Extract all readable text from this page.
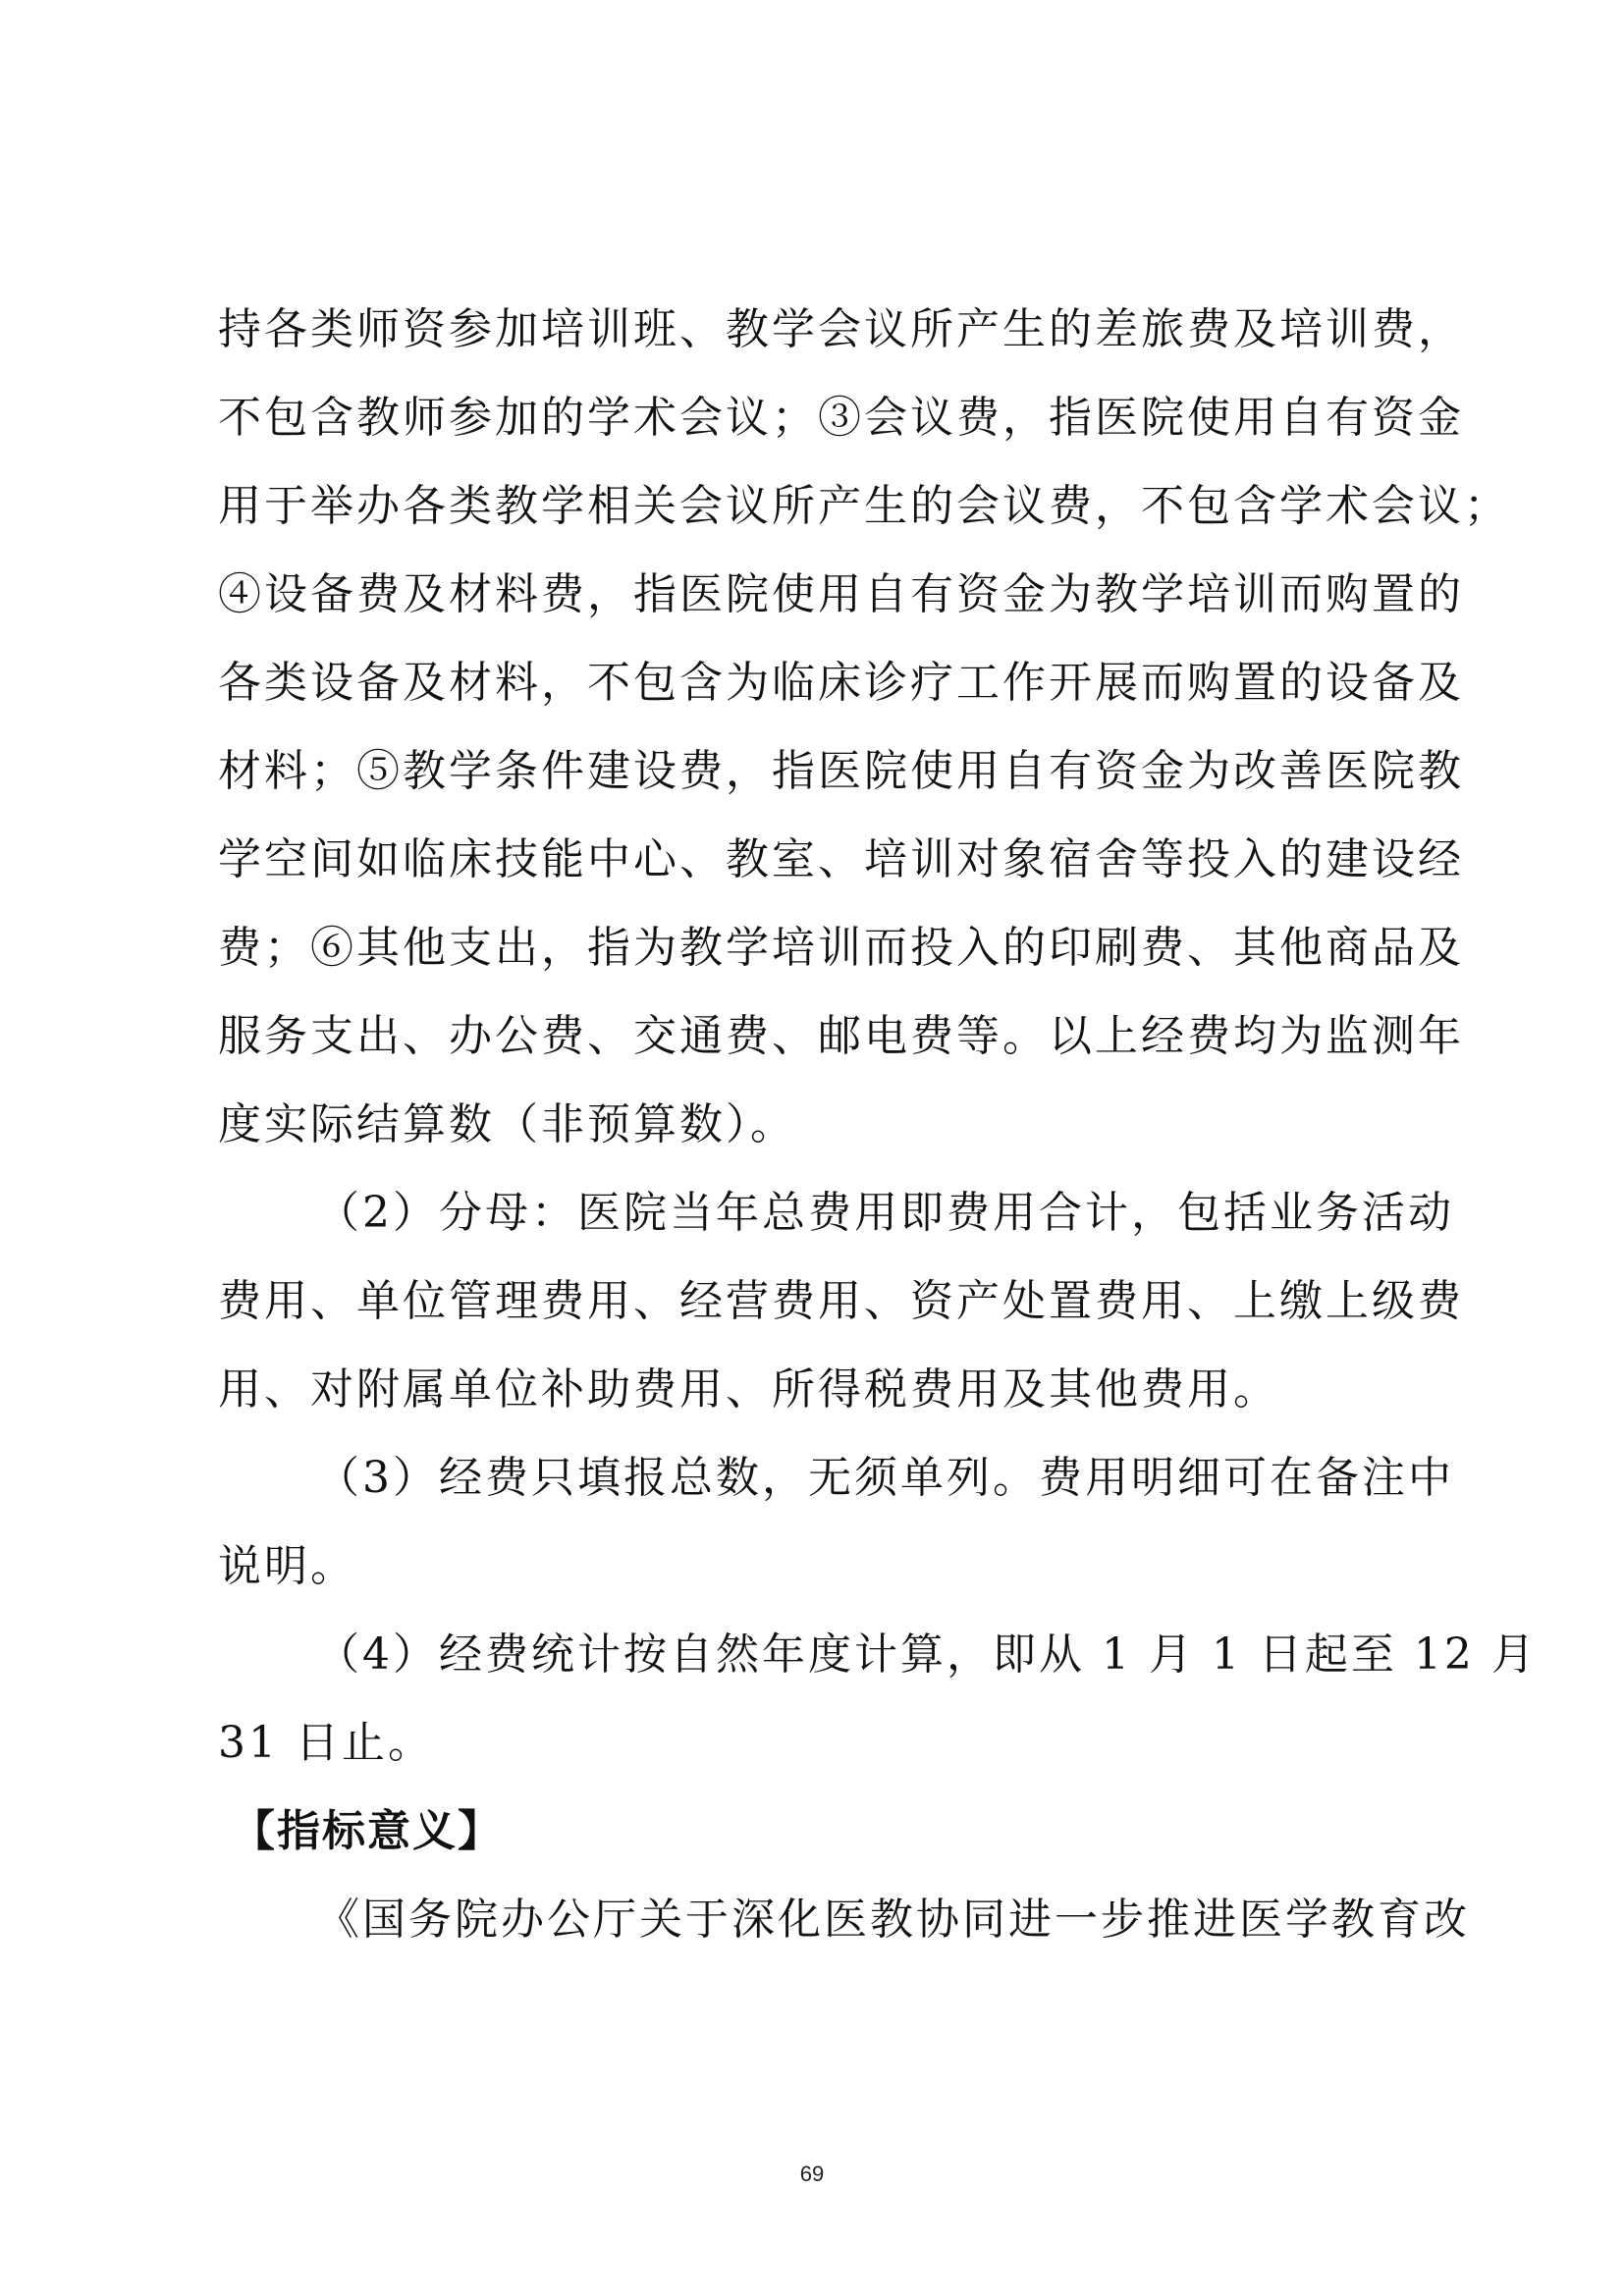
持各类师资参加培训班、教学会议所产生的差旅费及培训费，
不包含教师参加的学术会议；③会议费，指医院使用自有资金
用于举办各类教学相关会议所产生的会议费，不包含学术会议；
④设备费及材料费，指医院使用自有资金为教学培训而购置的
各类设备及材料，不包含为临床诊疗工作开展而购置的设备及
材料；⑤教学条件建设费，指医院使用自有资金为改善医院教
学空间如临床技能中心、教室、培训对象宿舍等投入的建设经
费；⑥其他支出，指为教学培训而投入的印刷费、其他商品及
服务支出、办公费、交通费、邮电费等。以上经费均为监测年
度实际结算数（非预算数）。
（2）分母：医院当年总费用即费用合计，包括业务活动
费用、单位管理费用、经营费用、资产处置费用、上缴上级费
用、对附属单位补助费用、所得税费用及其他费用。
（3）经费只填报总数，无须单列。费用明细可在备注中
说明。
（4）经费统计按自然年度计算，即从 1 月 1 日起至 12 月
31 日止。
【指标意义】
《国务院办公厅关于深化医教协同进一步推进医学教育改
69
